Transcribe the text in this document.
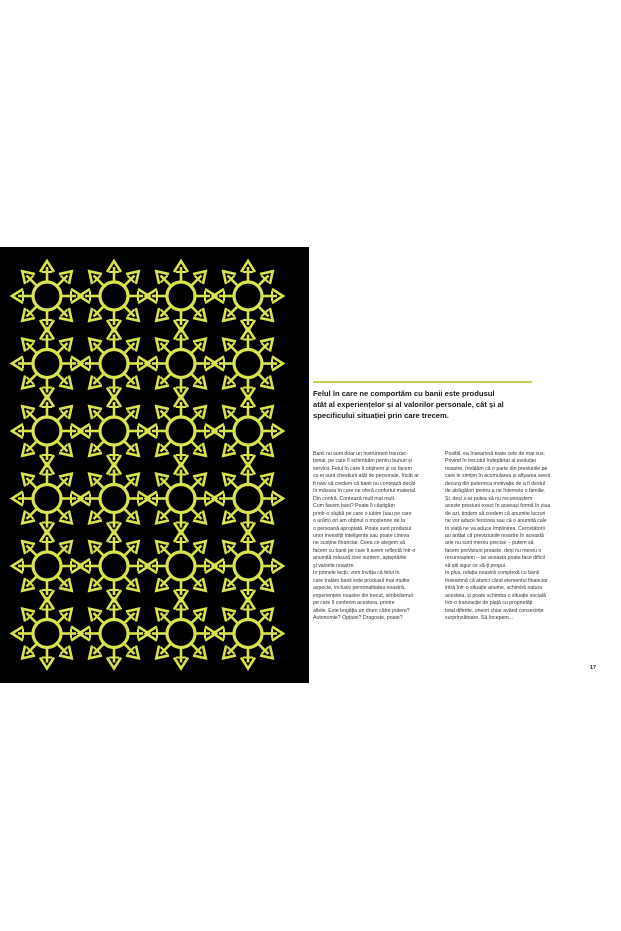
Felul în care ne comportăm cu banii este produsul
atât al experiențelor și al valorilor personale, cât și al
specificului situației prin care trecem.
Banii nu sunt doar un instrument tranzac-
țional, pe care îl schimbăm pentru bunuri și
servicii. Felul în care îi obținem și ce facem
cu ei sunt chestiuni atât de personale, încât ar
fi naiv să credem că banii nu contează decât
în măsura în care ne oferă confortul material.
Din contră. Contează mult mai mult.
Cum facem bani? Poate îi câștigăm
printr-o slujbă pe care o iubim (sau pe care
o urâm) ori am obținut o moștenire de la
o persoană apropiată. Poate sunt produsul
unor investiții inteligente sau poate cineva
ne susține financiar. Ceea ce alegem să
facem cu banii pe care îi avem reflectă într-o
anumită măsură cine suntem, așteptările
și valorile noastre.
În primele lecții, vom învăța că felul în
care tratăm banii este produsul mai multor
aspecte, inclusiv personalitatea noastră,
experiențele noastre din trecut, simbolismul
pe care îl conferim acestora, printre
altele. Este bogăția un drum către putere?
Autonomie? Opțiuni? Dragoste, poate?
Posibil, ea înseamnă toate cele de mai sus.
Privind în trecutul îndepărtat al evoluției
noastre, învățăm că o parte din presiunile pe
care le simțim în acumularea și afișarea averii
decurg din puternica motivație de a fi destul
de atrăgători pentru a ne întemeia o familie.
Și, deși s-ar putea să nu recunoaștem
aceste presiuni exact în aceeași formă în ziua
de azi, tindem să credem că anumite lucruri
ne vor aduce fericirea sau că o anumită cale
în viață ne va aduce împlinirea. Cercetătorii
au arătat că previziunile noastre în această
arie nu sunt mereu precise – putem să
facem previziuni proaste, deși nu mereu o
recunoaștem – iar aceasta poate face dificil
să știi sigur ce să-ți propui.
În plus, relația noastră complexă cu banii
înseamnă că atunci când elementul financiar
intră într-o situație anume, schimbă natura
acesteia, și poate schimba o situație socială
într-o tranzacție de piață cu proprietăți
total diferite, uneori chiar având consecințe
surprinzătoare. Să începem...
17
